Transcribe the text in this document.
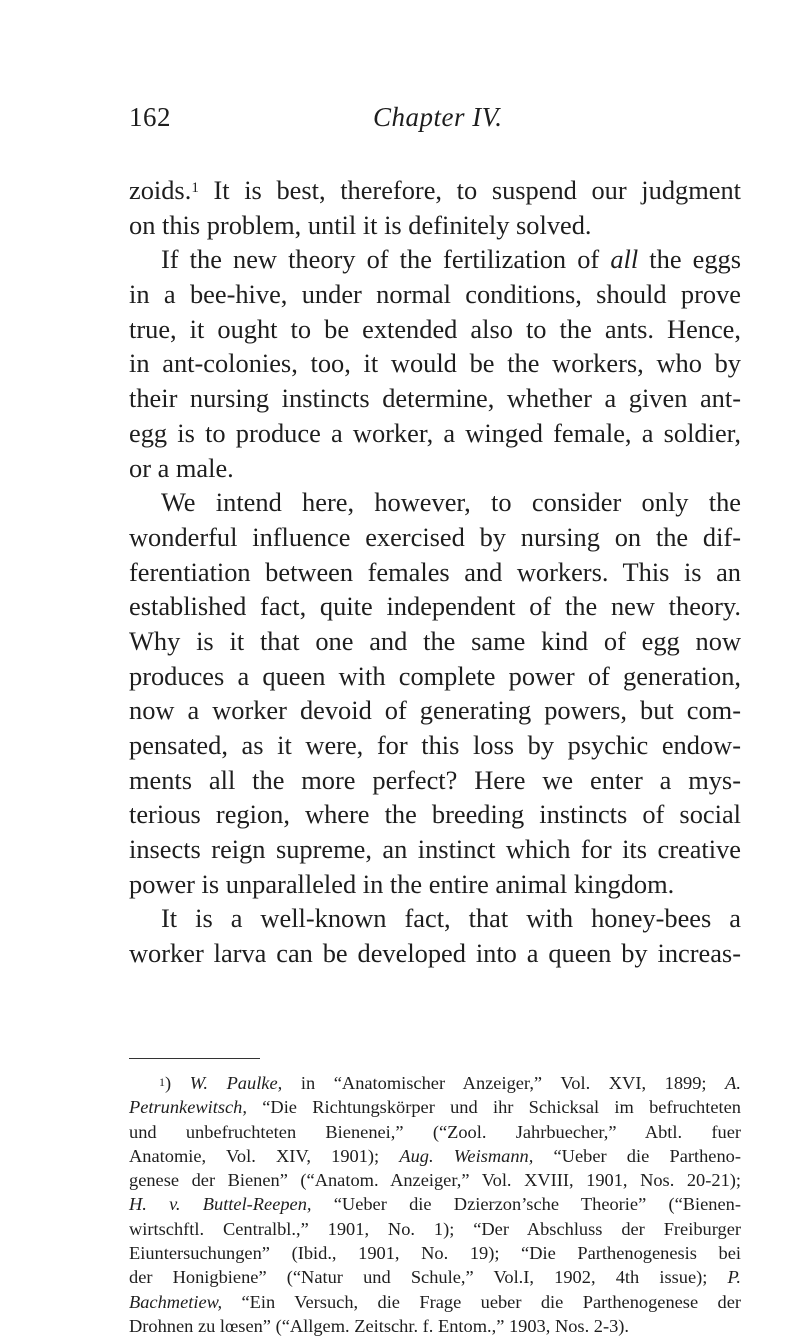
162	Chapter IV.
zoids.$^1$ It is best, therefore, to suspend our judgment
on this problem, until it is definitely solved.
If the new theory of the fertilization of all the eggs
in a bee-hive, under normal conditions, should prove
true, it ought to be extended also to the ants. Hence,
in ant-colonies, too, it would be the workers, who by
their nursing instincts determine, whether a given ant-
egg is to produce a worker, a winged female, a soldier,
or a male.
We intend here, however, to consider only the
wonderful influence exercised by nursing on the dif-
ferentiation between females and workers. This is an
established fact, quite independent of the new theory.
Why is it that one and the same kind of egg now
produces a queen with complete power of generation,
now a worker devoid of generating powers, but com-
pensated, as it were, for this loss by psychic endow-
ments all the more perfect? Here we enter a mys-
terious region, where the breeding instincts of social
insects reign supreme, an instinct which for its creative
power is unparalleled in the entire animal kingdom.
It is a well-known fact, that with honey-bees a
worker larva can be developed into a queen by increas-
$^1$) W. Paulke, in “Anatomischer Anzeiger,” Vol. XVI, 1899; A.
Petrunkewitsch, “Die Richtungskörper und ihr Schicksal im befruchteten
und unbefruchteten Bienenei,” (“Zool. Jahrbuecher,” Abtl. fuer
Anatomie, Vol. XIV, 1901); Aug. Weismann, “Ueber die Partheno-
genese der Bienen” (“Anatom. Anzeiger,” Vol. XVIII, 1901, Nos. 20-21);
H. v. Buttel-Reepen, “Ueber die Dzierzon’sche Theorie” (“Bienen-
wirtschftl. Centralbl.,” 1901, No. 1); “Der Abschluss der Freiburger
Eiuntersuchungen” (Ibid., 1901, No. 19); “Die Parthenogenesis bei
der Honigbiene” (“Natur und Schule,” Vol.I, 1902, 4th issue); P.
Bachmetiew, “Ein Versuch, die Frage ueber die Parthenogenese der
Drohnen zu lœsen” (“Allgem. Zeitschr. f. Entom.,” 1903, Nos. 2-3).
